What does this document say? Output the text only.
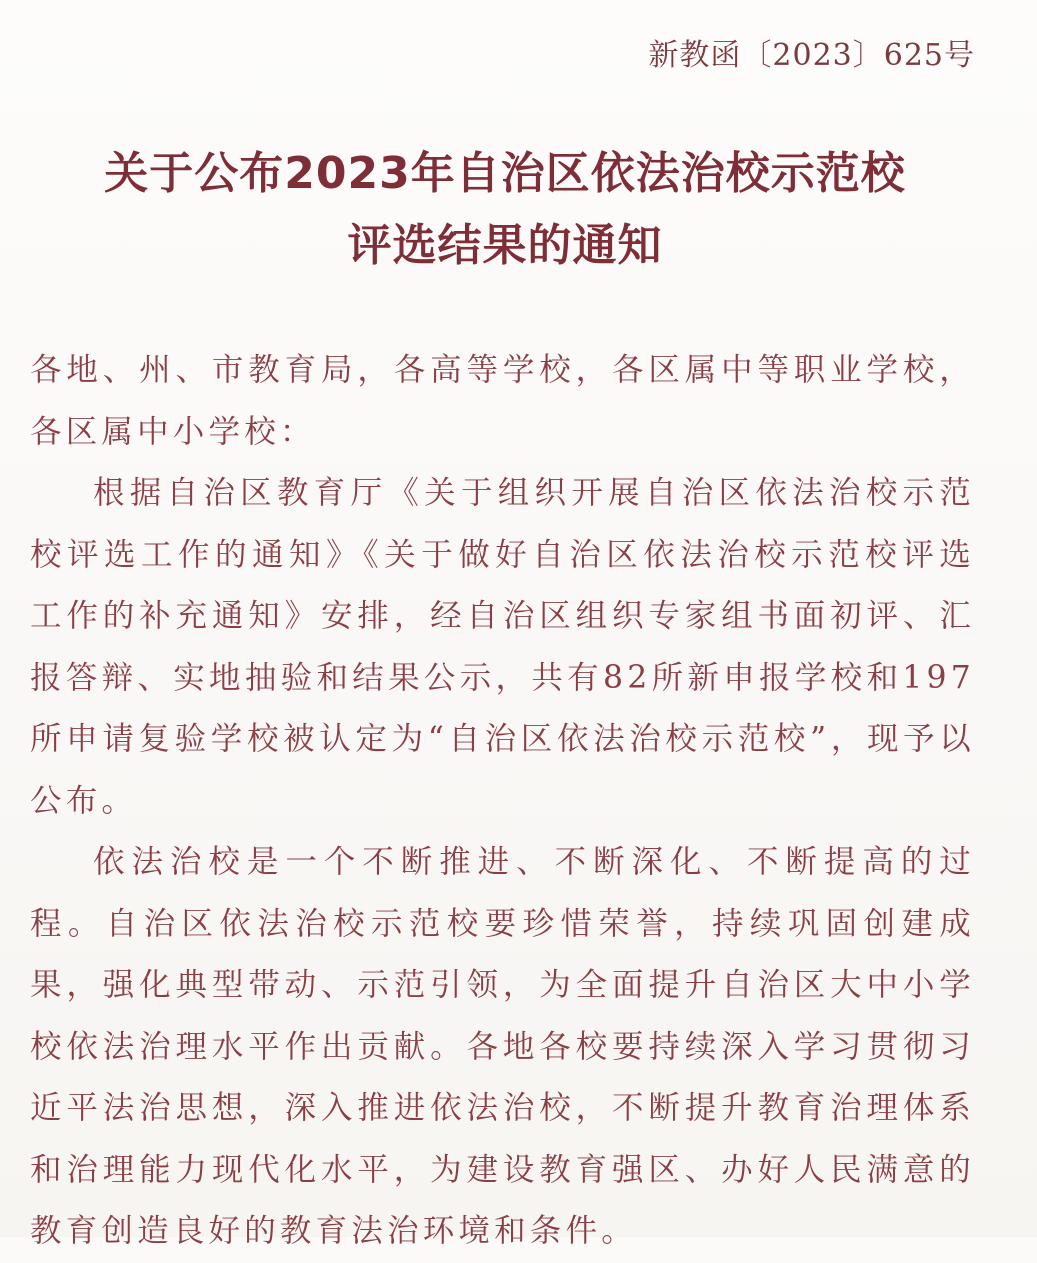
新教函〔2023〕625号
关于公布2023年自治区依法治校示范校
评选结果的通知

各地、州、市教育局，各高等学校，各区属中等职业学校，各区属中小学校：

根据自治区教育厅《关于组织开展自治区依法治校示范校评选工作的通知》《关于做好自治区依法治校示范校评选工作的补充通知》安排，经自治区组织专家组书面初评、汇报答辩、实地抽验和结果公示，共有82所新申报学校和197所申请复验学校被认定为“自治区依法治校示范校”，现予以公布。

依法治校是一个不断推进、不断深化、不断提高的过程。自治区依法治校示范校要珍惜荣誉，持续巩固创建成果，强化典型带动、示范引领，为全面提升自治区大中小学校依法治理水平作出贡献。各地各校要持续深入学习贯彻习近平法治思想，深入推进依法治校，不断提升教育治理体系和治理能力现代化水平，为建设教育强区、办好人民满意的教育创造良好的教育法治环境和条件。
